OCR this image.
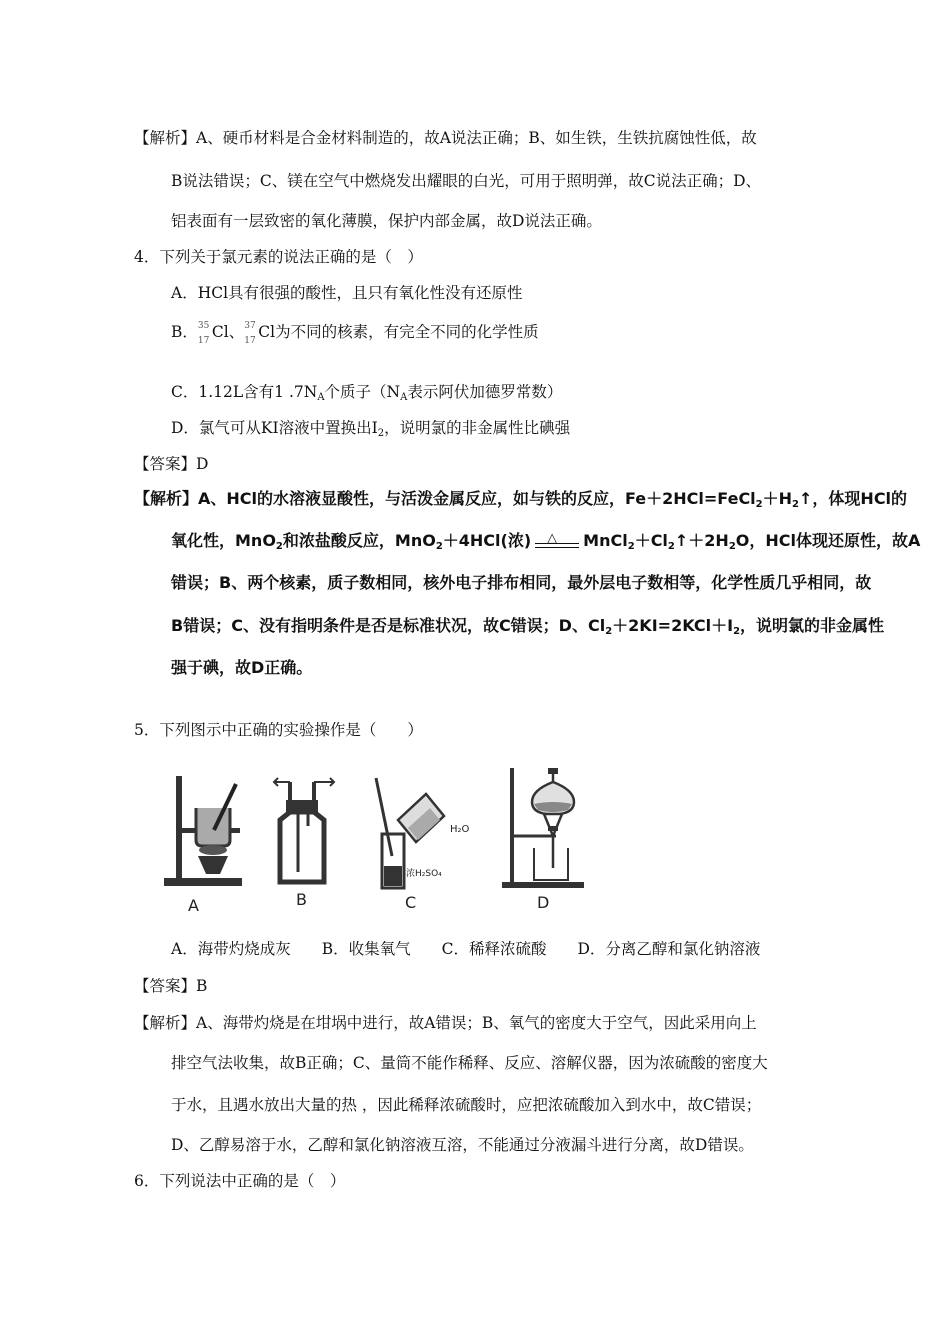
【解析】A、硬币材料是合金材料制造的，故A说法正确；B、如生铁，生铁抗腐蚀性低，故
B说法错误；C、镁在空气中燃烧发出耀眼的白光，可用于照明弹，故C说法正确；D、
铝表面有一层致密的氧化薄膜，保护内部金属，故D说法正确。
4．下列关于氯元素的说法正确的是（　）
A．HCl具有很强的酸性，且只有氧化性没有还原性
B． 35
17 Cl、 37
17 Cl为不同的核素，有完全不同的化学性质
C．1.12L含有1 $.7N_A$个质子（$N_A$表示阿伏加德罗常数）
D．氯气可从KI溶液中置换出$I_2$，说明氯的非金属性比碘强
【答案】D
【解析】A、HCl的水溶液显酸性，与活泼金属反应，如与铁的反应，$Fe+2HCl=FeCl_2+H_2↑$，体现HCl的
氧化性，MnO$_2$和浓盐酸反应，MnO$_2$＋4HCl(浓) △ $MnCl_2+Cl_2↑+2H_2O$，HCl体现还原性，故A
错误；B、两个核素，质子数相同，核外电子排布相同，最外层电子数相等，化学性质几乎相同，故
B错误；C、没有指明条件是否是标准状况，故C错误；D、$Cl_2+2KI=2KCl+I_2$，说明氯的非金属性
强于碘，故D正确。
5．下列图示中正确的实验操作是（　　）
A	B
H₂O
浓H₂SO₄
C	D
A．海带灼烧成灰　　B．收集氧气　　C．稀释浓硫酸　　D．分离乙醇和氯化钠溶液
【答案】B
【解析】A、海带灼烧是在坩埚中进行，故A错误；B、氧气的密度大于空气，因此采用向上
排空气法收集，故B正确；C、量筒不能作稀释、反应、溶解仪器，因为浓硫酸的密度大
于水，且遇水放出大量的热 ，因此稀释浓硫酸时，应把浓硫酸加入到水中，故C错误；
D、乙醇易溶于水，乙醇和氯化钠溶液互溶，不能通过分液漏斗进行分离，故D错误。
6．下列说法中正确的是（　）
